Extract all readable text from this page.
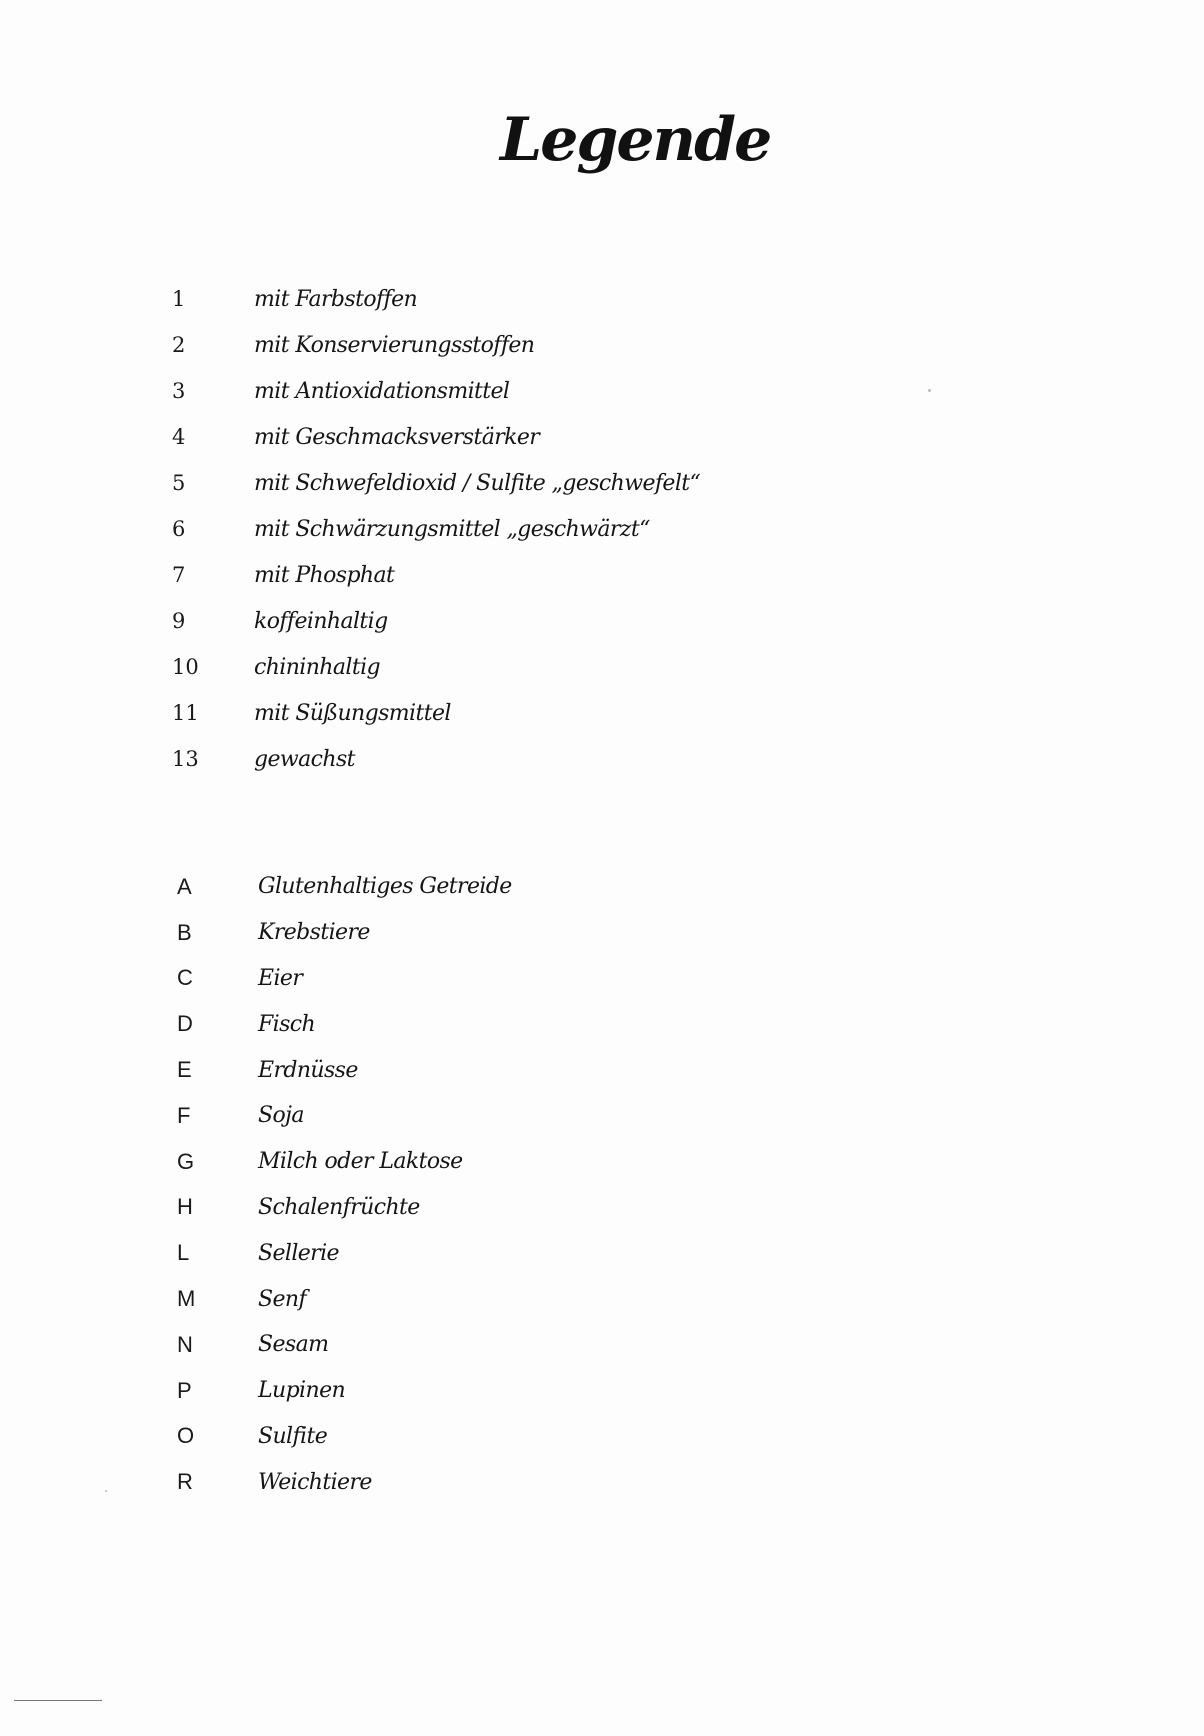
Legende
1	mit Farbstoffen
2	mit Konservierungsstoffen
3	mit Antioxidationsmittel
4	mit Geschmacksverstärker
5	mit Schwefeldioxid / Sulfite „geschwefelt“
6	mit Schwärzungsmittel „geschwärzt“
7	mit Phosphat
9	koffeinhaltig
10	chininhaltig
11	mit Süßungsmittel
13	gewachst
A	Glutenhaltiges Getreide
B	Krebstiere
C	Eier
D	Fisch
E	Erdnüsse
F	Soja
G	Milch oder Laktose
H	Schalenfrüchte
L	Sellerie
M	Senf
N	Sesam
P	Lupinen
O	Sulfite
R	Weichtiere
